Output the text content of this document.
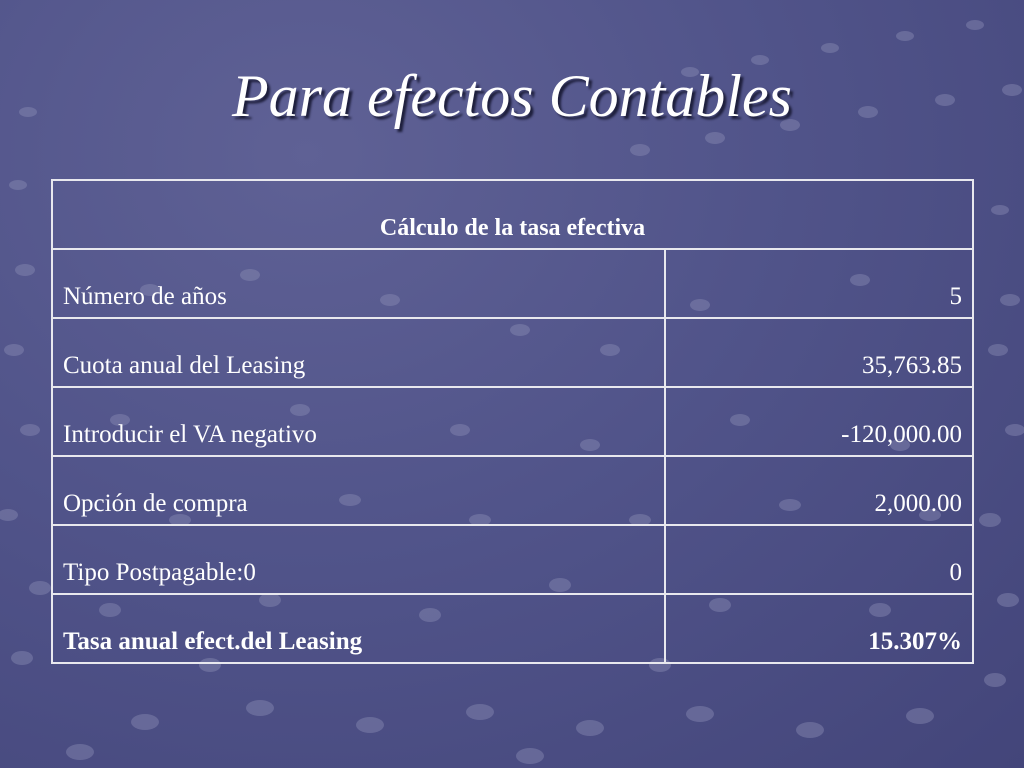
Para efectos Contables
Cálculo de la tasa efectiva	
Número de años	5
Cuota anual del Leasing	35,763.85
Introducir el VA negativo	-120,000.00
Opción de compra	2,000.00
Tipo Postpagable:0	0
Tasa anual efect.del Leasing	15.307%
